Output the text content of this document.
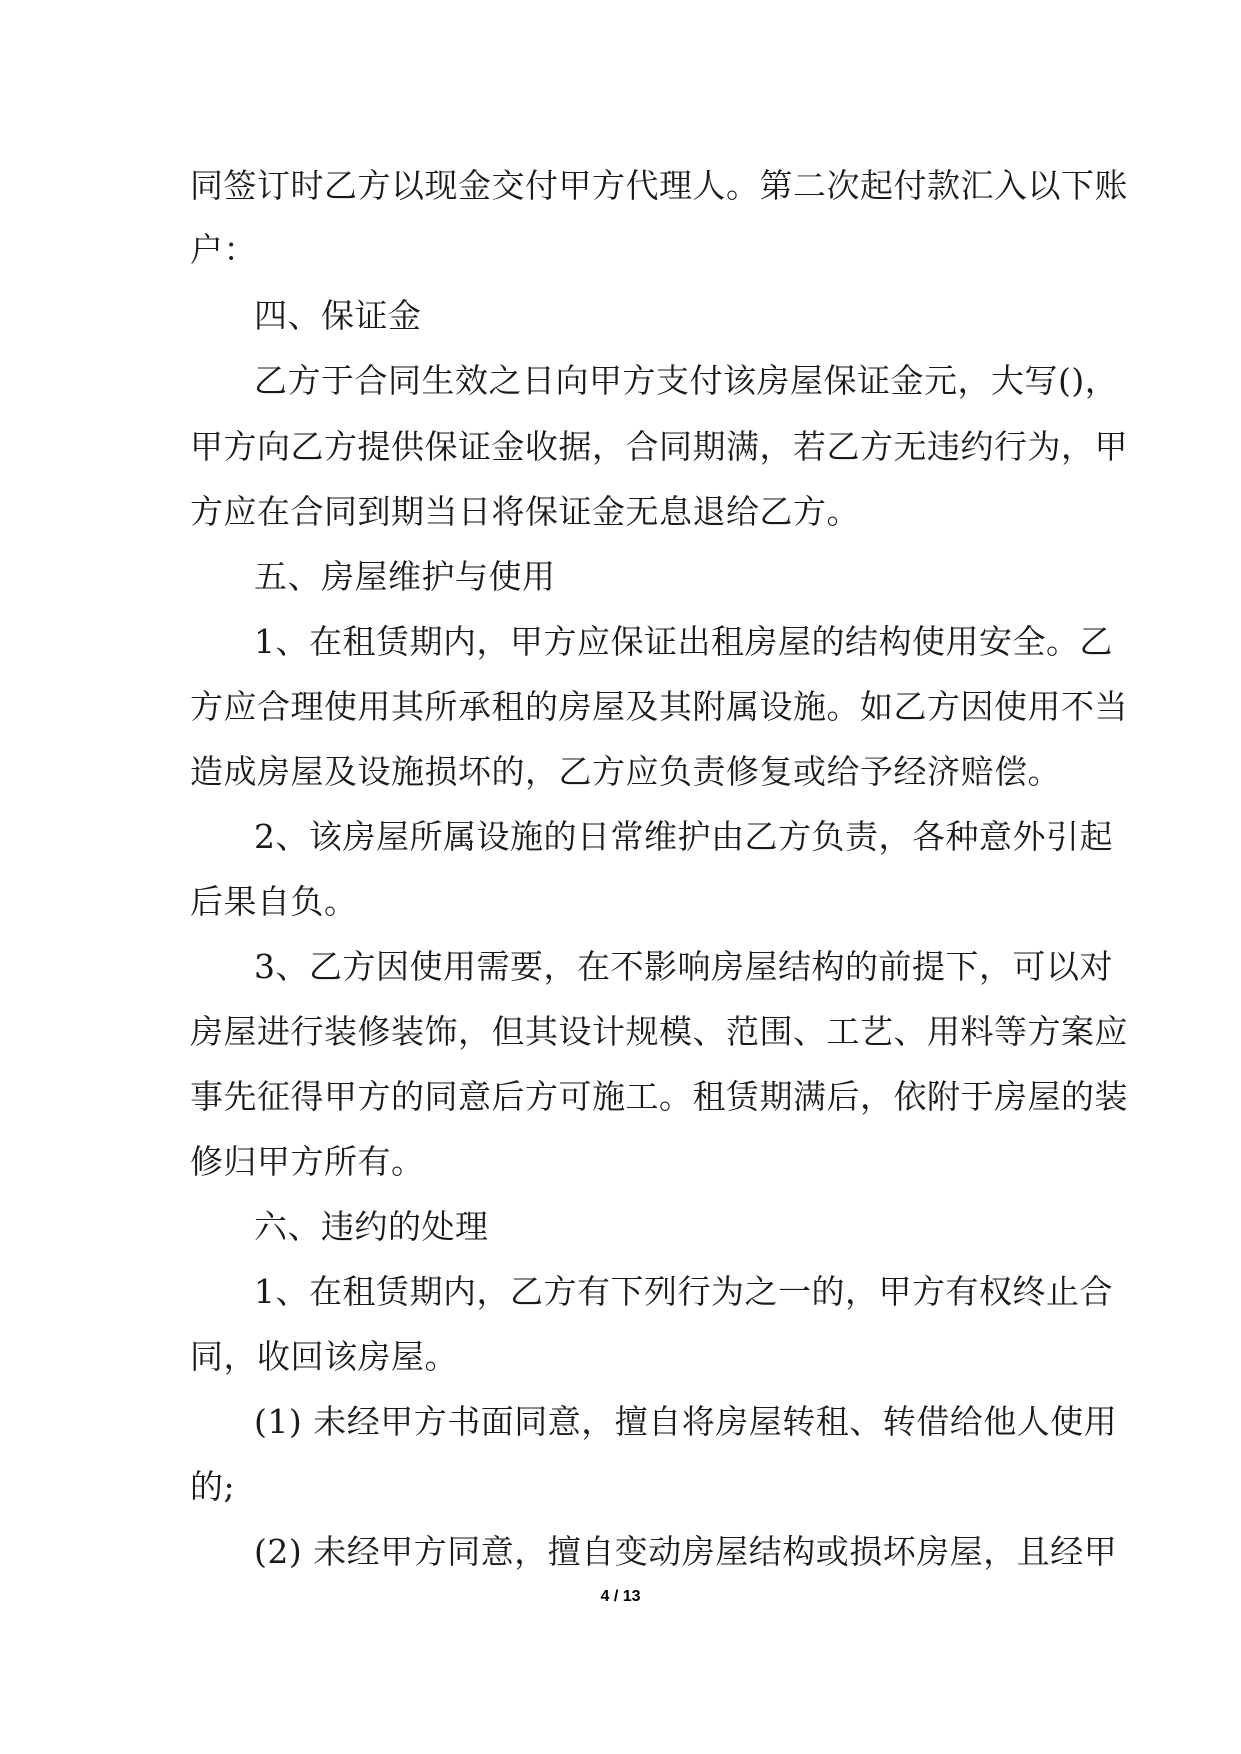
同签订时乙方以现金交付甲方代理人。第二次起付款汇入以下账

户：

四、保证金

乙方于合同生效之日向甲方支付该房屋保证金元，大写()，

甲方向乙方提供保证金收据，合同期满，若乙方无违约行为，甲

方应在合同到期当日将保证金无息退给乙方。

五、房屋维护与使用

1、在租赁期内，甲方应保证出租房屋的结构使用安全。乙

方应合理使用其所承租的房屋及其附属设施。如乙方因使用不当

造成房屋及设施损坏的，乙方应负责修复或给予经济赔偿。

2、该房屋所属设施的日常维护由乙方负责，各种意外引起

后果自负。

3、乙方因使用需要，在不影响房屋结构的前提下，可以对

房屋进行装修装饰，但其设计规模、范围、工艺、用料等方案应

事先征得甲方的同意后方可施工。租赁期满后，依附于房屋的装

修归甲方所有。

六、违约的处理

1、在租赁期内，乙方有下列行为之一的，甲方有权终止合

同，收回该房屋。

(1) 未经甲方书面同意，擅自将房屋转租、转借给他人使用

的;

(2) 未经甲方同意，擅自变动房屋结构或损坏房屋，且经甲

4 / 13
